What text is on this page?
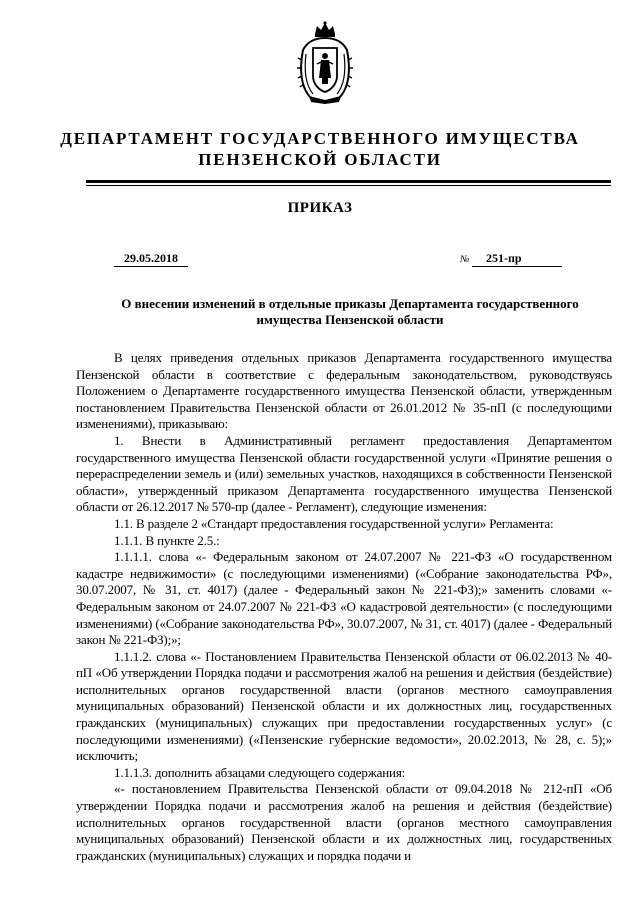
ДЕПАРТАМЕНТ ГОСУДАРСТВЕННОГО ИМУЩЕСТВА
ПЕНЗЕНСКОЙ ОБЛАСТИ
ПРИКАЗ
29.05.2018	№	251-пр
О внесении изменений в отдельные приказы Департамента государственного
имущества Пензенской области

В целях приведения отдельных приказов Департамента государственного имущества Пензенской области в соответствие с федеральным законодательством, руководствуясь Положением о Департаменте государственного имущества Пензенской области, утвержденным постановлением Правительства Пензенской области от 26.01.2012 № 35-пП (с последующими изменениями), приказываю:

1. Внести в Административный регламент предоставления Департаментом государственного имущества Пензенской области государственной услуги «Принятие решения о перераспределении земель и (или) земельных участков, находящихся в собственности Пензенской области», утвержденный приказом Департамента государственного имущества Пензенской области от 26.12.2017 № 570-пр (далее - Регламент), следующие изменения:

1.1. В разделе 2 «Стандарт предоставления государственной услуги» Регламента:

1.1.1. В пункте 2.5.:

1.1.1.1. слова «- Федеральным законом от 24.07.2007 № 221-ФЗ «О государственном кадастре недвижимости» (с последующими изменениями) («Собрание законодательства РФ», 30.07.2007, № 31, ст. 4017) (далее - Федеральный закон № 221-ФЗ);» заменить словами «- Федеральным законом от 24.07.2007 № 221-ФЗ «О кадастровой деятельности» (с последующими изменениями) («Собрание законодательства РФ», 30.07.2007, № 31, ст. 4017) (далее - Федеральный закон № 221-ФЗ);»;

1.1.1.2. слова «- Постановлением Правительства Пензенской области от 06.02.2013 № 40-пП «Об утверждении Порядка подачи и рассмотрения жалоб на решения и действия (бездействие) исполнительных органов государственной власти (органов местного самоуправления муниципальных образований) Пензенской области и их должностных лиц, государственных гражданских (муниципальных) служащих при предоставлении государственных услуг» (с последующими изменениями) («Пензенские губернские ведомости», 20.02.2013, № 28, с. 5);» исключить;

1.1.1.3. дополнить абзацами следующего содержания:

«- постановлением Правительства Пензенской области от 09.04.2018 № 212-пП «Об утверждении Порядка подачи и рассмотрения жалоб на решения и действия (бездействие) исполнительных органов государственной власти (органов местного самоуправления муниципальных образований) Пензенской области и их должностных лиц, государственных гражданских (муниципальных) служащих и порядка подачи и
